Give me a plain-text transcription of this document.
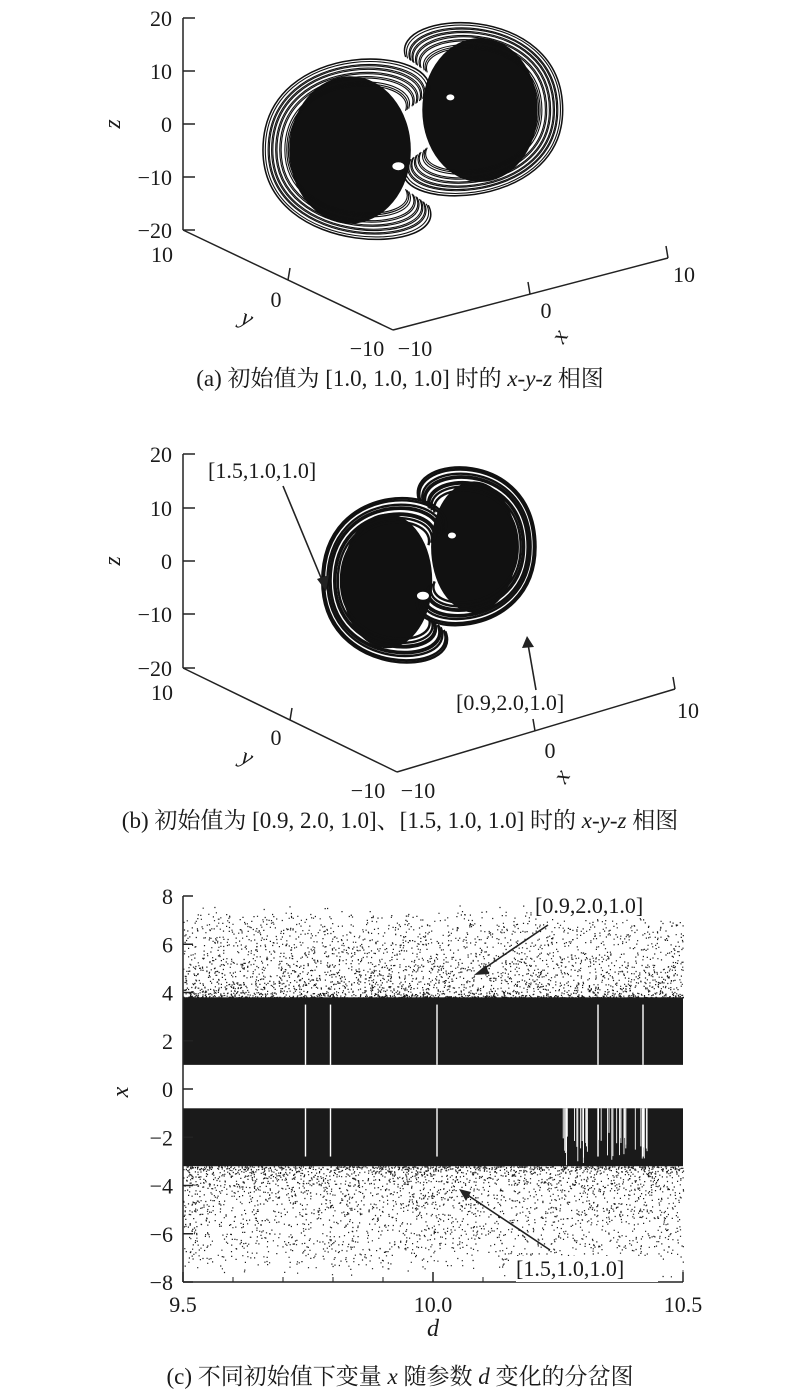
20
10
0
−10
−20
z
10
0
−10
y
−10
0
10
x
(a) 初始值为 [1.0, 1.0, 1.0] 时的 x-y-z 相图
20
10
0
−10
−20
z
10
0
−10
y
−10
0
10
x
[1.5,1.0,1.0]
[0.9,2.0,1.0]
(b) 初始值为 [0.9, 2.0, 1.0]、[1.5, 1.0, 1.0] 时的 x-y-z 相图
8
6
4
2
0
−2
−4
−6
−8
9.5	10.0	10.5
x
d
[0.9,2.0,1.0]
[1.5,1.0,1.0]
(c) 不同初始值下变量 x 随参数 d 变化的分岔图
